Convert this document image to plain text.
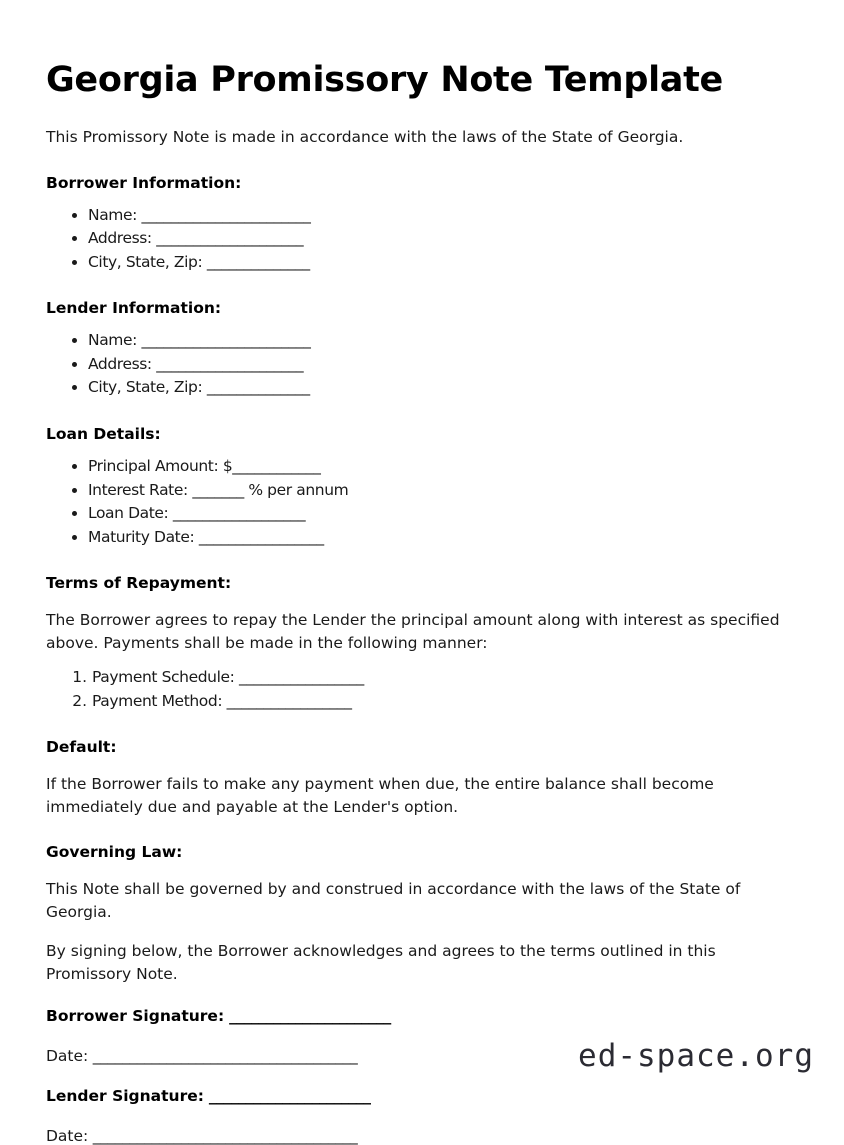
Georgia Promissory Note Template

This Promissory Note is made in accordance with the laws of the State of Georgia.

Borrower Information:
• Name: _______________________
• Address: ____________________
• City, State, Zip: ______________
Lender Information:
• Name: _______________________
• Address: ____________________
• City, State, Zip: ______________
Loan Details:
• Principal Amount: $____________
• Interest Rate: _______ % per annum
• Loan Date: __________________
• Maturity Date: _________________
Terms of Repayment:

The Borrower agrees to repay the Lender the principal amount along with interest as specified above. Payments shall be made in the following manner:

1. Payment Schedule: _________________
2. Payment Method: _________________
Default:

If the Borrower fails to make any payment when due, the entire balance shall become immediately due and payable at the Lender's option.

Governing Law:

This Note shall be governed by and construed in accordance with the laws of the State of Georgia.

By signing below, the Borrower acknowledges and agrees to the terms outlined in this Promissory Note.

Borrower Signature: ______________________

Date: ____________________________________

Lender Signature: ______________________

Date: ____________________________________

ed-space.org
